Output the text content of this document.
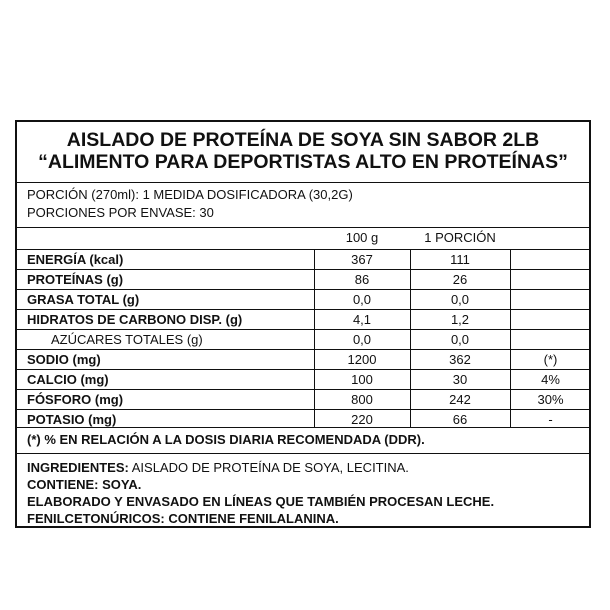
AISLADO DE PROTEÍNA DE SOYA SIN SABOR 2LB
“ALIMENTO PARA DEPORTISTAS ALTO EN PROTEÍNAS”
PORCIÓN (270ml): 1 MEDIDA DOSIFICADORA (30,2G)
PORCIONES POR ENVASE: 30
100 g	1 PORCIÓN
ENERGÍA (kcal)	367	111
PROTEÍNAS (g)	86	26
GRASA TOTAL (g)	0,0	0,0
HIDRATOS DE CARBONO DISP. (g)	4,1	1,2
AZÚCARES TOTALES (g)	0,0	0,0
SODIO (mg)	1200	362	(*)
CALCIO (mg)	100	30	4%
FÓSFORO (mg)	800	242	30%
POTASIO (mg)	220	66	-
(*) % EN RELACIÓN A LA DOSIS DIARIA RECOMENDADA (DDR).
INGREDIENTES: AISLADO DE PROTEÍNA DE SOYA, LECITINA.
CONTIENE: SOYA.
ELABORADO Y ENVASADO EN LÍNEAS QUE TAMBIÉN PROCESAN LECHE.
FENILCETONÚRICOS: CONTIENE FENILALANINA.
